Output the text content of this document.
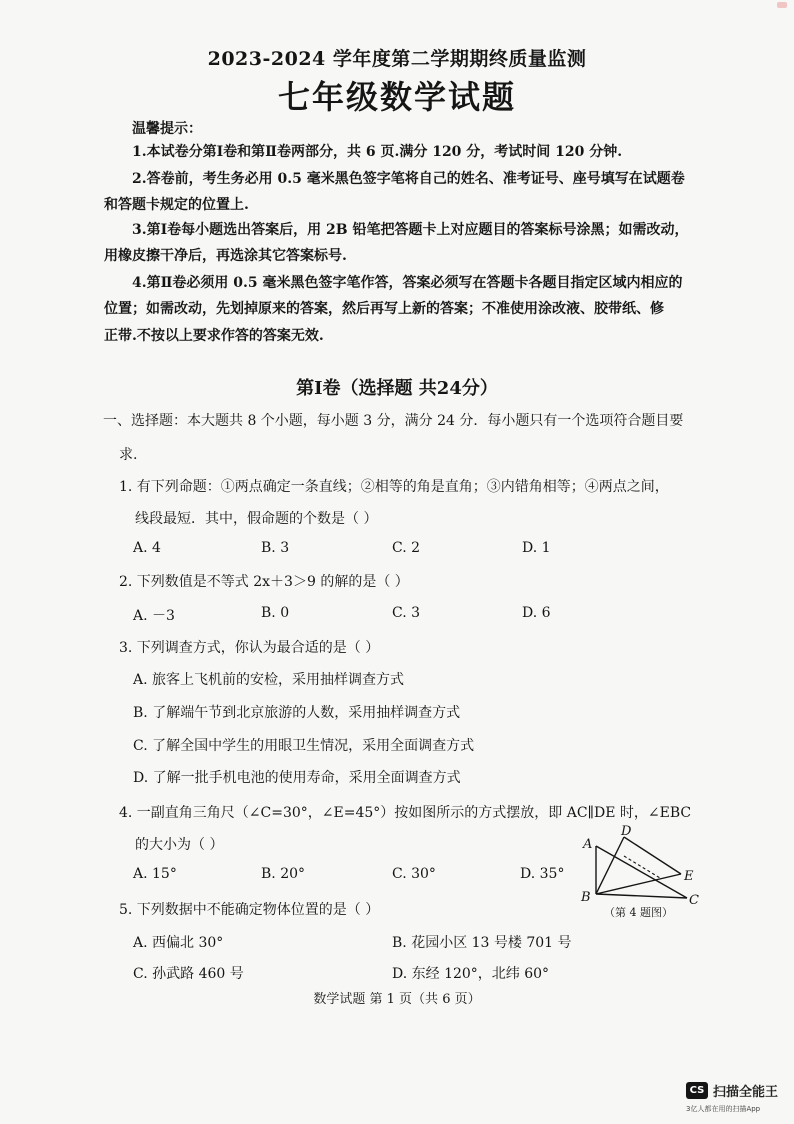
2023-2024 学年度第二学期期终质量监测
七年级数学试题
温馨提示：
1.本试卷分第Ⅰ卷和第Ⅱ卷两部分，共 6 页.满分 120 分，考试时间 120 分钟.
2.答卷前，考生务必用 0.5 毫米黑色签字笔将自己的姓名、准考证号、座号填写在试题卷
和答题卡规定的位置上.
3.第Ⅰ卷每小题选出答案后，用 2B 铅笔把答题卡上对应题目的答案标号涂黑；如需改动，
用橡皮擦干净后，再选涂其它答案标号.
4.第Ⅱ卷必须用 0.5 毫米黑色签字笔作答，答案必须写在答题卡各题目指定区域内相应的
位置；如需改动，先划掉原来的答案，然后再写上新的答案；不准使用涂改液、胶带纸、修
正带.不按以上要求作答的答案无效.
第Ⅰ卷（选择题 共24分）
一、选择题：本大题共 8 个小题，每小题 3 分，满分 24 分．每小题只有一个选项符合题目要
求.
1. 有下列命题：①两点确定一条直线；②相等的角是直角；③内错角相等；④两点之间，
线段最短．其中，假命题的个数是（ ）
A. 4	B. 3	C. 2	D. 1
2. 下列数值是不等式 2x＋3＞9 的解的是（ ）
A. －3	B. 0	C. 3	D. 6
3. 下列调查方式，你认为最合适的是（ ）
A. 旅客上飞机前的安检，采用抽样调查方式
B. 了解端午节到北京旅游的人数，采用抽样调查方式
C. 了解全国中学生的用眼卫生情况，采用全面调查方式
D. 了解一批手机电池的使用寿命，采用全面调查方式
4. 一副直角三角尺（∠C=30°，∠E=45°）按如图所示的方式摆放，即 AC∥DE 时，∠EBC
的大小为（ ）
A. 15°	B. 20°	C. 30°	D. 35°
A
B	C
D
E
（第 4 题图）
5. 下列数据中不能确定物体位置的是（ ）
A. 西偏北 30°	B. 花园小区 13 号楼 701 号
C. 孙武路 460 号	D. 东经 120°，北纬 60°
数学试题 第 1 页（共 6 页）
CS 扫描全能王
3亿人都在用的扫描App
